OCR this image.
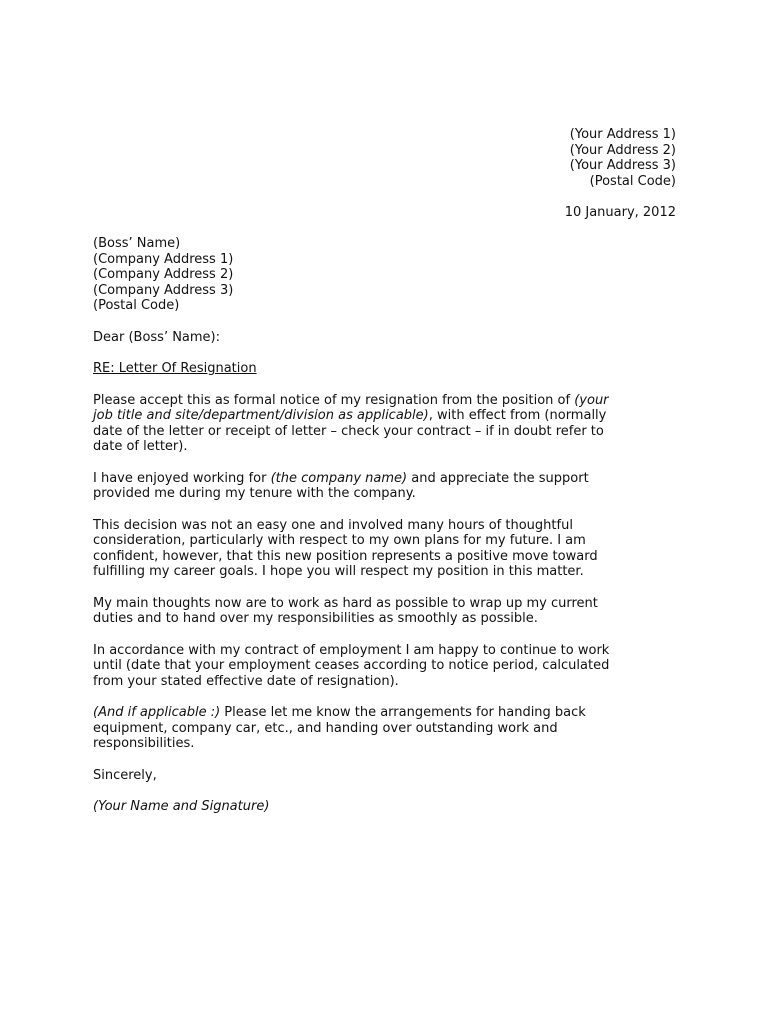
(Your Address 1)
(Your Address 2)
(Your Address 3)
(Postal Code)
10 January, 2012
(Boss’ Name)
(Company Address 1)
(Company Address 2)
(Company Address 3)
(Postal Code)
Dear (Boss’ Name):
RE: Letter Of Resignation
Please accept this as formal notice of my resignation from the position of (your
job title and site/department/division as applicable), with effect from (normally
date of the letter or receipt of letter – check your contract – if in doubt refer to
date of letter).
I have enjoyed working for (the company name) and appreciate the support
provided me during my tenure with the company.
This decision was not an easy one and involved many hours of thoughtful
consideration, particularly with respect to my own plans for my future. I am
confident, however, that this new position represents a positive move toward
fulfilling my career goals. I hope you will respect my position in this matter.
My main thoughts now are to work as hard as possible to wrap up my current
duties and to hand over my responsibilities as smoothly as possible.
In accordance with my contract of employment I am happy to continue to work
until (date that your employment ceases according to notice period, calculated
from your stated effective date of resignation).
(And if applicable :) Please let me know the arrangements for handing back
equipment, company car, etc., and handing over outstanding work and
responsibilities.
Sincerely,
(Your Name and Signature)
